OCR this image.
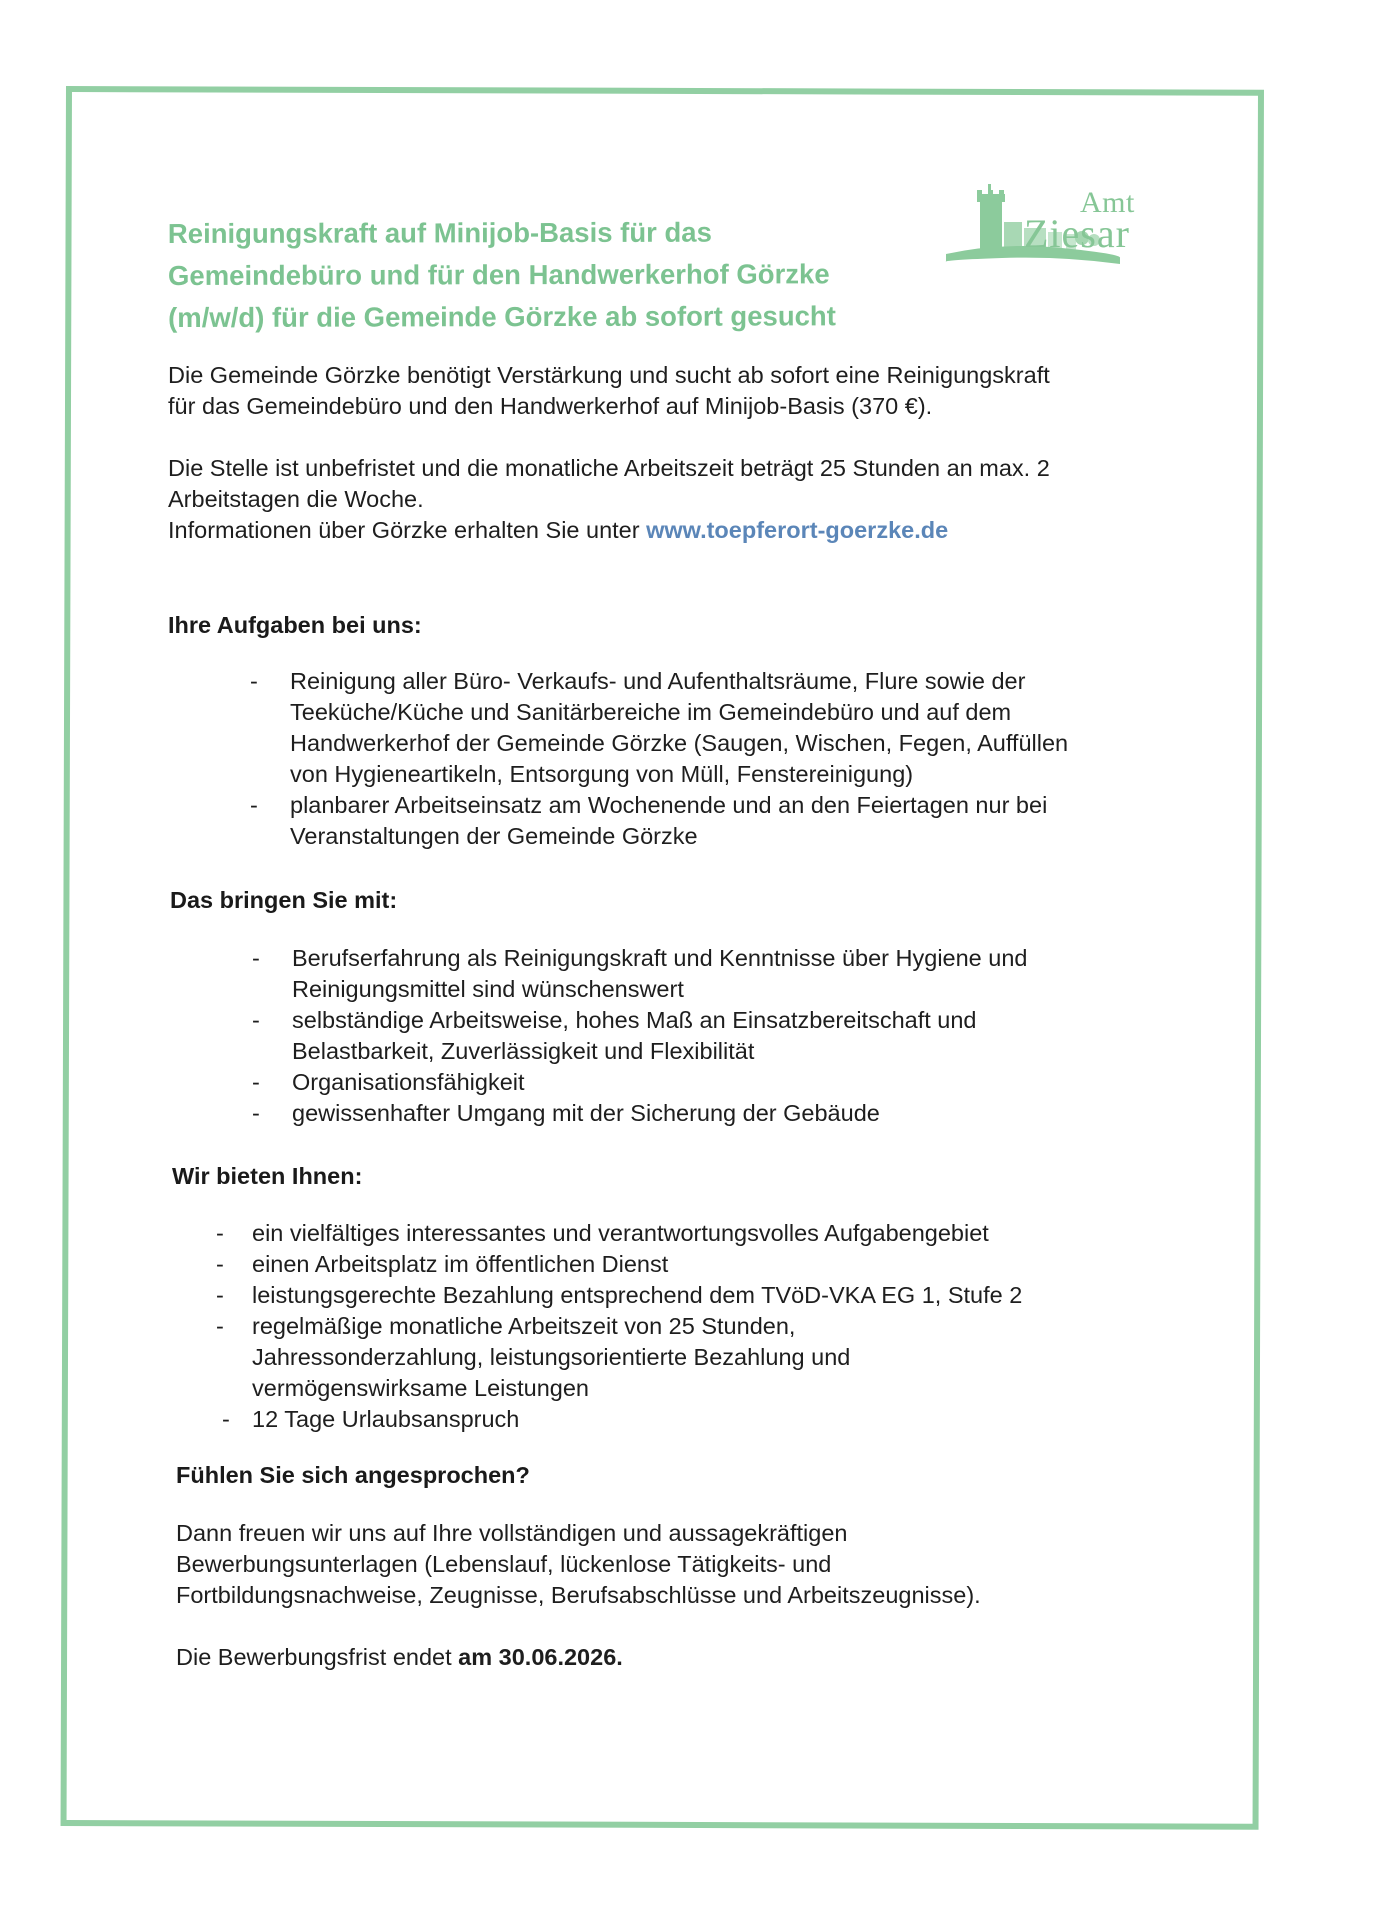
Reinigungskraft auf Minijob-Basis für das
Gemeindebüro und für den Handwerkerhof Görzke
(m/w/d) für die Gemeinde Görzke ab sofort gesucht
Amt
Ziesar
Die Gemeinde Görzke benötigt Verstärkung und sucht ab sofort eine Reinigungskraft
für das Gemeindebüro und den Handwerkerhof auf Minijob-Basis (370 €).
Die Stelle ist unbefristet und die monatliche Arbeitszeit beträgt 25 Stunden an max. 2
Arbeitstagen die Woche.
Informationen über Görzke erhalten Sie unter www.toepferort-goerzke.de
Ihre Aufgaben bei uns:
- Reinigung aller Büro- Verkaufs- und Aufenthaltsräume, Flure sowie der
Teeküche/Küche und Sanitärbereiche im Gemeindebüro und auf dem
Handwerkerhof der Gemeinde Görzke (Saugen, Wischen, Fegen, Auffüllen
von Hygieneartikeln, Entsorgung von Müll, Fenstereinigung)
- planbarer Arbeitseinsatz am Wochenende und an den Feiertagen nur bei
Veranstaltungen der Gemeinde Görzke
Das bringen Sie mit:
- Berufserfahrung als Reinigungskraft und Kenntnisse über Hygiene und
Reinigungsmittel sind wünschenswert
- selbständige Arbeitsweise, hohes Maß an Einsatzbereitschaft und
Belastbarkeit, Zuverlässigkeit und Flexibilität
- Organisationsfähigkeit
- gewissenhafter Umgang mit der Sicherung der Gebäude
Wir bieten Ihnen:
- ein vielfältiges interessantes und verantwortungsvolles Aufgabengebiet
- einen Arbeitsplatz im öffentlichen Dienst
- leistungsgerechte Bezahlung entsprechend dem TVöD-VKA EG 1, Stufe 2
- regelmäßige monatliche Arbeitszeit von 25 Stunden,
Jahressonderzahlung, leistungsorientierte Bezahlung und
vermögenswirksame Leistungen
- 12 Tage Urlaubsanspruch
Fühlen Sie sich angesprochen?
Dann freuen wir uns auf Ihre vollständigen und aussagekräftigen
Bewerbungsunterlagen (Lebenslauf, lückenlose Tätigkeits- und
Fortbildungsnachweise, Zeugnisse, Berufsabschlüsse und Arbeitszeugnisse).
Die Bewerbungsfrist endet am 30.06.2026.
